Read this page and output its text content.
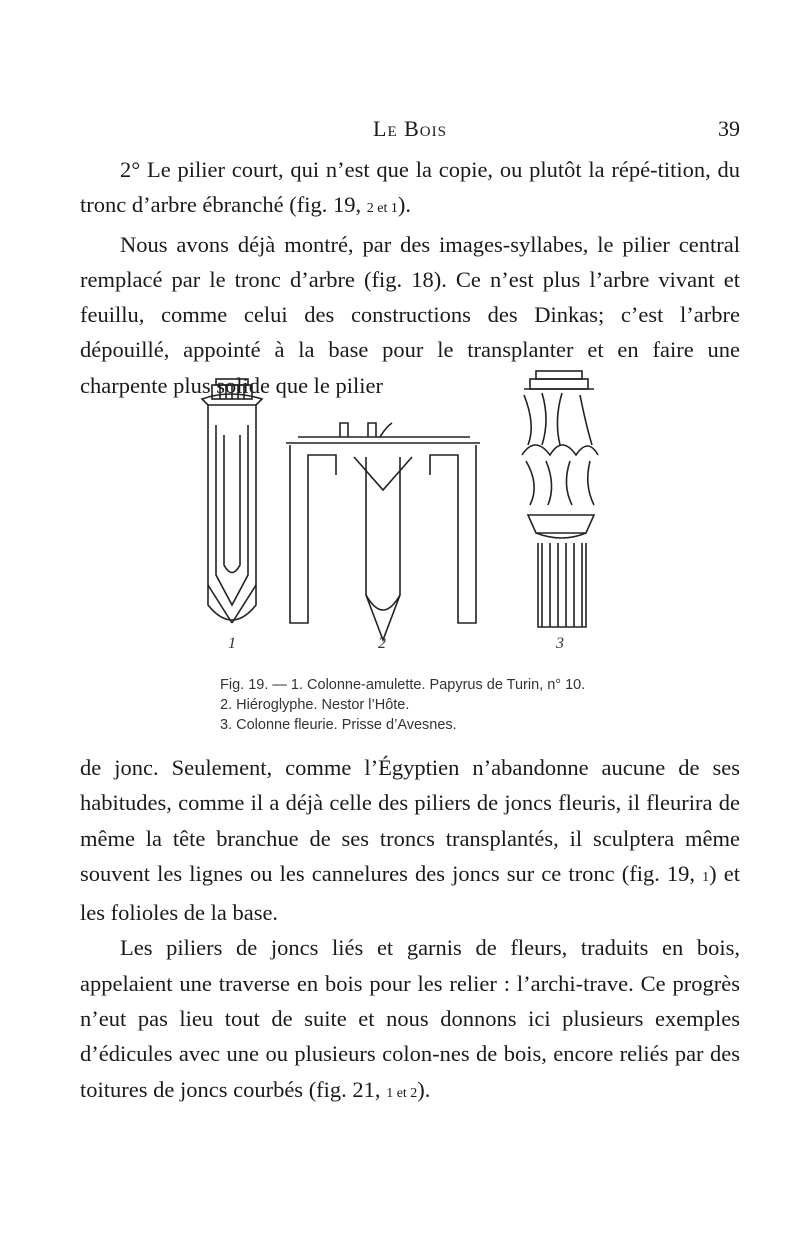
Le Bois	39

2° Le pilier court, qui n’est que la copie, ou plutôt la répé-tition, du tronc d’arbre ébranché (fig. 19, 2 et 1).

Nous avons déjà montré, par des images-syllabes, le pilier central remplacé par le tronc d’arbre (fig. 18). Ce n’est plus l’arbre vivant et feuillu, comme celui des constructions des Dinkas; c’est l’arbre dépouillé, appointé à la base pour le transplanter et en faire une charpente plus solide que le pilier

1	2	3
Fig. 19. — 1. Colonne-amulette. Papyrus de Turin, n° 10.
2. Hiéroglyphe. Nestor l’Hôte.
3. Colonne fleurie. Prisse d’Avesnes.

de jonc. Seulement, comme l’Égyptien n’abandonne aucune de ses habitudes, comme il a déjà celle des piliers de joncs fleuris, il fleurira de même la tête branchue de ses troncs transplantés, il sculptera même souvent les lignes ou les cannelures des joncs sur ce tronc (fig. 19, 1) et les folioles de la base.

Les piliers de joncs liés et garnis de fleurs, traduits en bois, appelaient une traverse en bois pour les relier : l’archi-trave. Ce progrès n’eut pas lieu tout de suite et nous donnons ici plusieurs exemples d’édicules avec une ou plusieurs colon-nes de bois, encore reliés par des toitures de joncs courbés (fig. 21, 1 et 2).
